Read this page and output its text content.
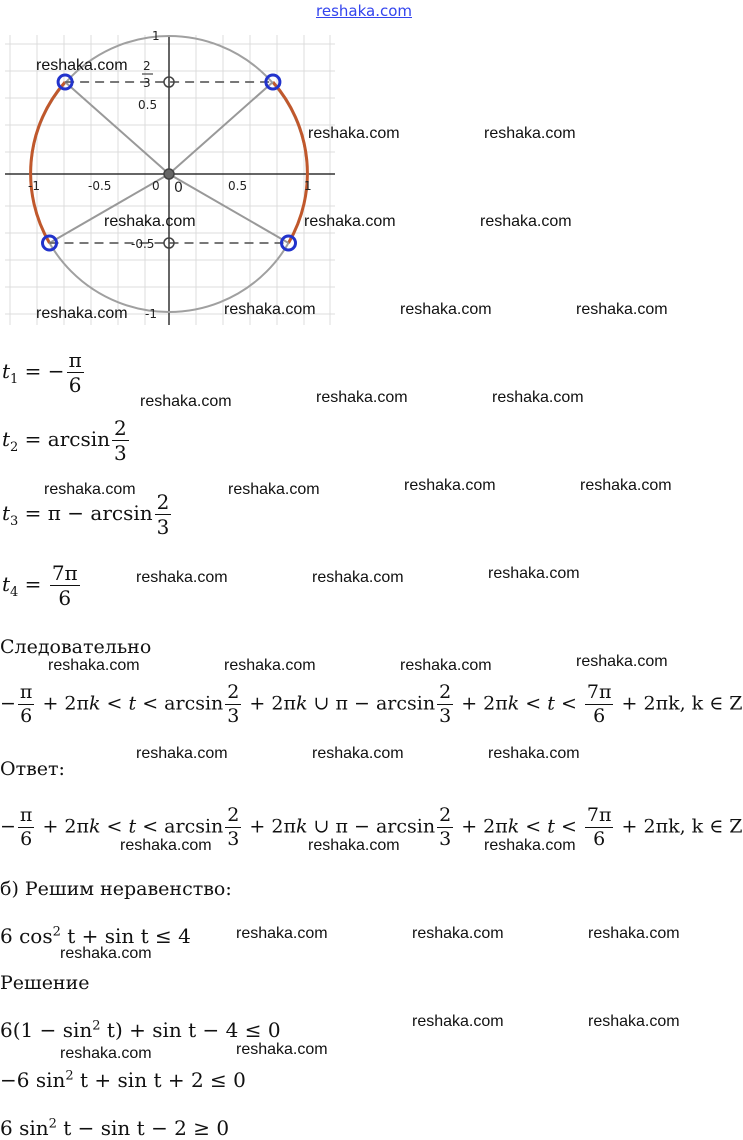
reshaka.com
-1	-0.5	0	0.5	1
1
0.5
-0.5
-1
0
2
3
$t_1$ = − $\frac{\pi}{6}$
$t_2 = \arcsin \frac{2}{3}$
$t_3 = \pi - \arcsin \frac{2}{3}$
$t_4 = \frac{7\pi}{6}$
Следовательно
− $\frac{\pi}{6} + 2\pi k < t < \arcsin \frac{2}{3} + 2\pi k$ ∪ $\pi - \arcsin \frac{2}{3} + 2\pi k < t < \frac{7\pi}{6} + 2\pi k$, k ∈ Z
Ответ:
− $\frac{\pi}{6} + 2\pi k < t < \arcsin \frac{2}{3} + 2\pi k$ ∪ $\pi - \arcsin \frac{2}{3} + 2\pi k < t < \frac{7\pi}{6} + 2\pi k$, k ∈ Z
б) Решим неравенство:
6 $\cos^2 t + \sin t \le 4$
Решение
$6(1 - \sin^2 t) + \sin t - 4 \le 0$
−6 $\sin^2 t + \sin t + 2 \le 0$
6 $\sin^2 t - \sin t - 2 \ge 0$
reshaka.com
reshaka.com	reshaka.com
reshaka.com	reshaka.com	reshaka.com
reshaka.com	reshaka.com	reshaka.com	reshaka.com
reshaka.com	reshaka.com	reshaka.com
reshaka.com	reshaka.com	reshaka.com	reshaka.com
reshaka.com	reshaka.com	reshaka.com
reshaka.com	reshaka.com	reshaka.com	reshaka.com
reshaka.com	reshaka.com	reshaka.com
reshaka.com	reshaka.com	reshaka.com
reshaka.com	reshaka.com	reshaka.com
reshaka.com
reshaka.com	reshaka.com
reshaka.com	reshaka.com
